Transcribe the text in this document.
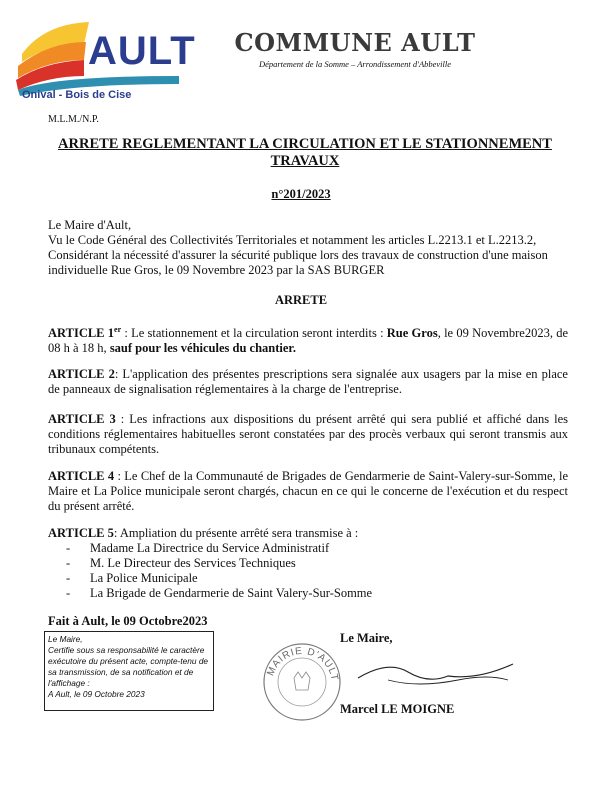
AULT
Onival - Bois de Cise
COMMUNE AULT
Département de la Somme – Arrondissement d'Abbeville
M.L.M./N.P.
ARRETE REGLEMENTANT LA CIRCULATION ET LE STATIONNEMENT
TRAVAUX
n°201/2023
Le Maire d'Ault,
Vu le Code Général des Collectivités Territoriales et notamment les articles L.2213.1 et L.2213.2,
Considérant la nécessité d'assurer la sécurité publique lors des travaux de construction d'une maison individuelle Rue Gros, le 09 Novembre 2023 par la SAS BURGER
ARRETE
ARTICLE 1er : Le stationnement et la circulation seront interdits : Rue Gros, le 09 Novembre2023, de 08 h à 18 h, sauf pour les véhicules du chantier.
ARTICLE 2: L'application des présentes prescriptions sera signalée aux usagers par la mise en place de panneaux de signalisation réglementaires à la charge de l'entreprise.
ARTICLE 3 : Les infractions aux dispositions du présent arrêté qui sera publié et affiché dans les conditions réglementaires habituelles seront constatées par des procès verbaux qui seront transmis aux tribunaux compétents.
ARTICLE 4 : Le Chef de la Communauté de Brigades de Gendarmerie de Saint-Valery-sur-Somme, le Maire et La Police municipale seront chargés, chacun en ce qui le concerne de l'exécution et du respect du présent arrêté.
ARTICLE 5: Ampliation du présente arrêté sera transmise à :
- Madame La Directrice du Service Administratif
- M. Le Directeur des Services Techniques
- La Police Municipale
- La Brigade de Gendarmerie de Saint Valery-Sur-Somme
Fait à Ault, le 09 Octobre2023
Le Maire,
Certifie sous sa responsabilité le caractère exécutoire du présent acte, compte-tenu de sa transmission, de sa notification et de l'affichage :
A Ault, le 09 Octobre 2023
Le Maire,
MAIRIE D'AULT
Marcel LE MOIGNE
